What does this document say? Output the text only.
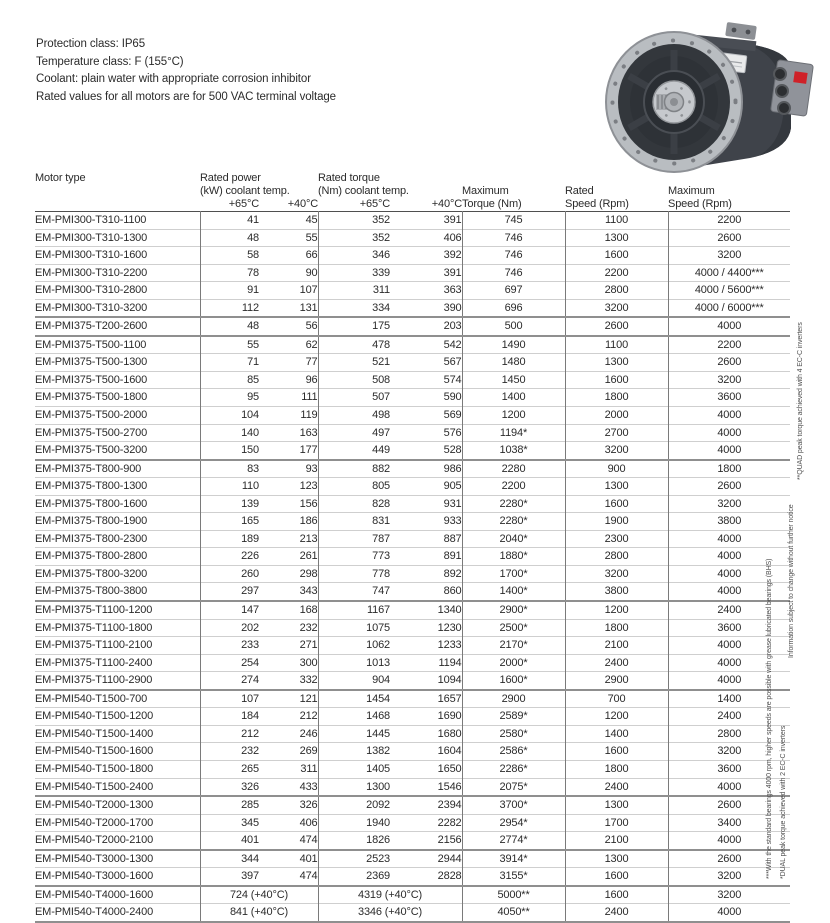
Protection class: IP65
Temperature class: F (155°C)
Coolant: plain water with appropriate corrosion inhibitor
Rated values for all motors are for 500 VAC terminal voltage
Motor type	Rated power		Rated torque				
	(kW) coolant temp.		(Nm) coolant temp.		Maximum	Rated	Maximum
	+65°C	+40°C	+65°C	+40°C	Torque (Nm)	Speed (Rpm)	Speed (Rpm)
EM-PMI300-T310-1100	41	45	352	391	745	1100	2200
EM-PMI300-T310-1300	48	55	352	406	746	1300	2600
EM-PMI300-T310-1600	58	66	346	392	746	1600	3200
EM-PMI300-T310-2200	78	90	339	391	746	2200	4000 / 4400***
EM-PMI300-T310-2800	91	107	311	363	697	2800	4000 / 5600***
EM-PMI300-T310-3200	112	131	334	390	696	3200	4000 / 6000***
EM-PMI375-T200-2600	48	56	175	203	500	2600	4000
EM-PMI375-T500-1100	55	62	478	542	1490	1100	2200
EM-PMI375-T500-1300	71	77	521	567	1480	1300	2600
EM-PMI375-T500-1600	85	96	508	574	1450	1600	3200
EM-PMI375-T500-1800	95	111	507	590	1400	1800	3600
EM-PMI375-T500-2000	104	119	498	569	1200	2000	4000
EM-PMI375-T500-2700	140	163	497	576	1194*	2700	4000
EM-PMI375-T500-3200	150	177	449	528	1038*	3200	4000
EM-PMI375-T800-900	83	93	882	986	2280	900	1800
EM-PMI375-T800-1300	110	123	805	905	2200	1300	2600
EM-PMI375-T800-1600	139	156	828	931	2280*	1600	3200
EM-PMI375-T800-1900	165	186	831	933	2280*	1900	3800
EM-PMI375-T800-2300	189	213	787	887	2040*	2300	4000
EM-PMI375-T800-2800	226	261	773	891	1880*	2800	4000
EM-PMI375-T800-3200	260	298	778	892	1700*	3200	4000
EM-PMI375-T800-3800	297	343	747	860	1400*	3800	4000
EM-PMI375-T1100-1200	147	168	1167	1340	2900*	1200	2400
EM-PMI375-T1100-1800	202	232	1075	1230	2500*	1800	3600
EM-PMI375-T1100-2100	233	271	1062	1233	2170*	2100	4000
EM-PMI375-T1100-2400	254	300	1013	1194	2000*	2400	4000
EM-PMI375-T1100-2900	274	332	904	1094	1600*	2900	4000
EM-PMI540-T1500-700	107	121	1454	1657	2900	700	1400
EM-PMI540-T1500-1200	184	212	1468	1690	2589*	1200	2400
EM-PMI540-T1500-1400	212	246	1445	1680	2580*	1400	2800
EM-PMI540-T1500-1600	232	269	1382	1604	2586*	1600	3200
EM-PMI540-T1500-1800	265	311	1405	1650	2286*	1800	3600
EM-PMI540-T1500-2400	326	433	1300	1546	2075*	2400	4000
EM-PMI540-T2000-1300	285	326	2092	2394	3700*	1300	2600
EM-PMI540-T2000-1700	345	406	1940	2282	2954*	1700	3400
EM-PMI540-T2000-2100	401	474	1826	2156	2774*	2100	4000
EM-PMI540-T3000-1300	344	401	2523	2944	3914*	1300	2600
EM-PMI540-T3000-1600	397	474	2369	2828	3155*	1600	3200
EM-PMI540-T4000-1600	724 (+40°C)		4319 (+40°C)		5000**	1600	3200
EM-PMI540-T4000-2400	841 (+40°C)		3346 (+40°C)		4050**	2400	4000
**QUAD peak torque achieved with 4 EC-C inverters
Information subject to change without further notice
***With the standard bearings 4000 rpm, higher speeds are possible with grease lubricated bearings (BHS) *DUAL peak torque achieved with 2 EC-C inverters
